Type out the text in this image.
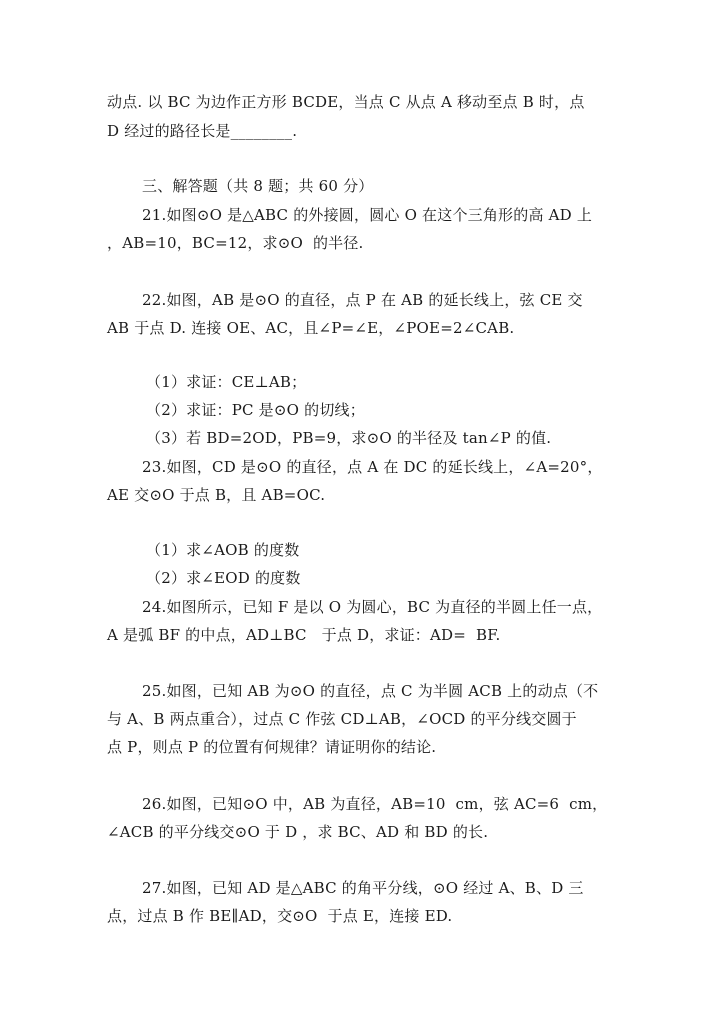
动点. 以 BC 为边作正方形 BCDE，当点 C 从点 A 移动至点 B 时，点
D 经过的路径长是________.
三、解答题（共 8 题；共 60 分）
21.如图⊙O 是△ABC 的外接圆，圆心 O 在这个三角形的高 AD 上
，AB=10，BC=12，求⊙O  的半径.
22.如图，AB 是⊙O 的直径，点 P 在 AB 的延长线上，弦 CE 交
AB 于点 D. 连接 OE、AC，且∠P=∠E，∠POE=2∠CAB.
（1）求证：CE⊥AB；
（2）求证：PC 是⊙O 的切线；
（3）若 BD=2OD，PB=9，求⊙O 的半径及 tan∠P 的值.
23.如图，CD 是⊙O 的直径，点 A 在 DC 的延长线上，∠A=20°，
AE 交⊙O 于点 B，且 AB=OC.
（1）求∠AOB 的度数
（2）求∠EOD 的度数
24.如图所示，已知 F 是以 O 为圆心，BC 为直径的半圆上任一点，
A 是弧 BF 的中点，AD⊥BC   于点 D，求证：AD=  BF.
25.如图，已知 AB 为⊙O 的直径，点 C 为半圆 ACB 上的动点（不
与 A、B 两点重合），过点 C 作弦 CD⊥AB，∠OCD 的平分线交圆于
点 P，则点 P 的位置有何规律？请证明你的结论.
26.如图，已知⊙O 中，AB 为直径，AB=10  cm，弦 AC=6  cm，
∠ACB 的平分线交⊙O 于 D ，求 BC、AD 和 BD 的长.
27.如图，已知 AD 是△ABC 的角平分线，⊙O 经过 A、B、D 三
点，过点 B 作 BE∥AD，交⊙O  于点 E，连接 ED.
